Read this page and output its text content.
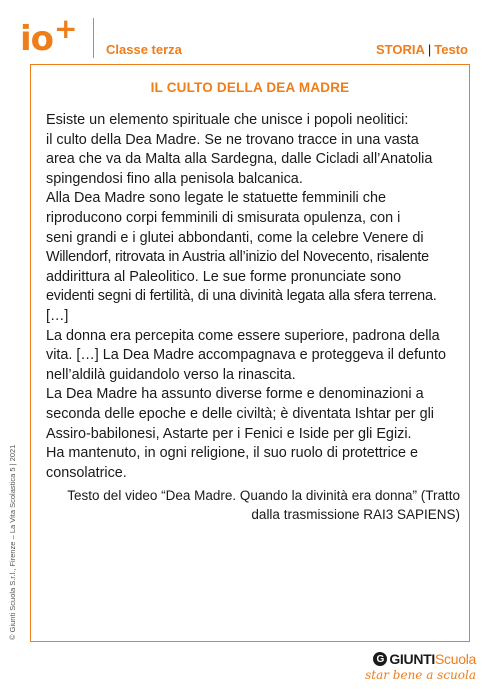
io+
Classe terza	STORIA | Testo
IL CULTO DELLA DEA MADRE

Esiste un elemento spirituale che unisce i popoli neolitici:

il culto della Dea Madre. Se ne trovano tracce in una vasta

area che va da Malta alla Sardegna, dalle Cicladi all’Anatolia

spingendosi fino alla penisola balcanica.

Alla Dea Madre sono legate le statuette femminili che

riproducono corpi femminili di smisurata opulenza, con i

seni grandi e i glutei abbondanti, come la celebre Venere di

Willendorf, ritrovata in Austria all’inizio del Novecento, risalente

addirittura al Paleolitico. Le sue forme pronunciate sono

evidenti segni di fertilità, di una divinità legata alla sfera terrena.

[…]

La donna era percepita come essere superiore, padrona della

vita. […] La Dea Madre accompagnava e proteggeva il defunto

nell’aldilà guidandolo verso la rinascita.

La Dea Madre ha assunto diverse forme e denominazioni a

seconda delle epoche e delle civiltà; è diventata Ishtar per gli

Assiro-babilonesi, Astarte per i Fenici e Iside per gli Egizi.

Ha mantenuto, in ogni religione, il suo ruolo di protettrice e

consolatrice.

Testo del video “Dea Madre. Quando la divinità era donna” (Tratto
dalla trasmissione RAI3 SAPIENS)
© Giunti Scuola S.r.l., Firenze – La Vita Scolastica 5 | 2021
G GIUNTI Scuola
star bene a scuola
